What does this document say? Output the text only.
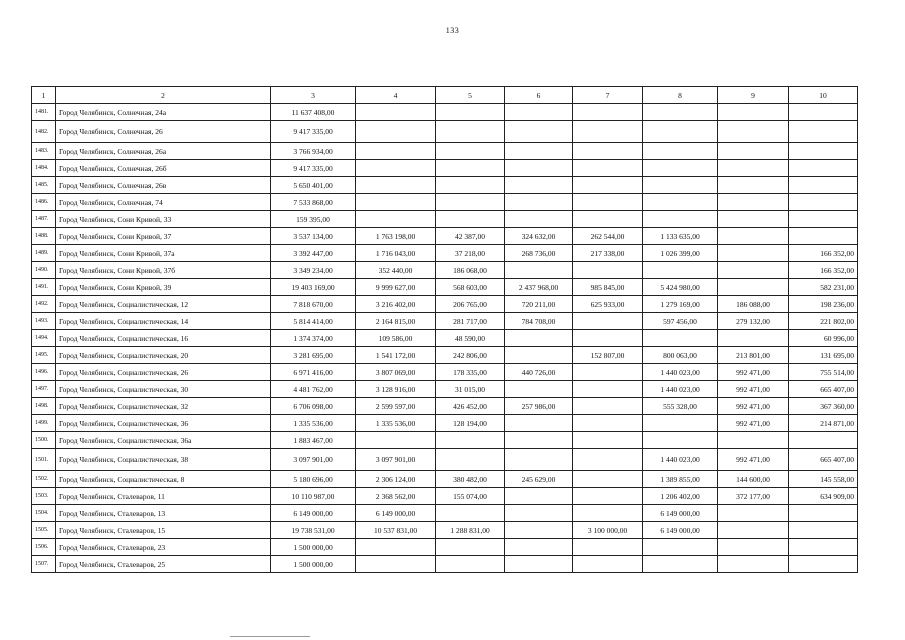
133
1	2	3	4	5	6	7	8	9	10
1481.	Город Челябинск, Солнечная, 24а	11 637 408,00							
1482.	Город Челябинск, Солнечная, 26	9 417 335,00							
1483.	Город Челябинск, Солнечная, 26а	3 766 934,00							
1484.	Город Челябинск, Солнечная, 26б	9 417 335,00							
1485.	Город Челябинск, Солнечная, 26в	5 650 401,00							
1486.	Город Челябинск, Солнечная, 74	7 533 868,00							
1487.	Город Челябинск, Сони Кривой, 33	159 395,00							
1488.	Город Челябинск, Сони Кривой, 37	3 537 134,00	1 763 198,00	42 387,00	324 632,00	262 544,00	1 133 635,00		
1489.	Город Челябинск, Сони Кривой, 37а	3 392 447,00	1 716 043,00	37 218,00	268 736,00	217 338,00	1 026 399,00		166 352,00
1490.	Город Челябинск, Сони Кривой, 37б	3 349 234,00	352 440,00	186 068,00					166 352,00
1491.	Город Челябинск, Сони Кривой, 39	19 403 169,00	9 999 627,00	568 603,00	2 437 968,00	985 845,00	5 424 980,00		582 231,00
1492.	Город Челябинск, Социалистическая, 12	7 818 670,00	3 216 402,00	206 765,00	720 211,00	625 933,00	1 279 169,00	186 088,00	198 236,00
1493.	Город Челябинск, Социалистическая, 14	5 814 414,00	2 164 815,00	281 717,00	784 708,00		597 456,00	279 132,00	221 802,00
1494.	Город Челябинск, Социалистическая, 16	1 374 374,00	109 586,00	48 590,00					60 996,00
1495.	Город Челябинск, Социалистическая, 20	3 281 695,00	1 541 172,00	242 806,00		152 807,00	800 063,00	213 801,00	131 695,00
1496.	Город Челябинск, Социалистическая, 26	6 971 416,00	3 807 069,00	178 335,00	440 726,00		1 440 023,00	992 471,00	755 514,00
1497.	Город Челябинск, Социалистическая, 30	4 481 762,00	3 128 916,00	31 015,00			1 440 023,00	992 471,00	665 407,00
1498.	Город Челябинск, Социалистическая, 32	6 706 098,00	2 599 597,00	426 452,00	257 986,00		555 328,00	992 471,00	367 360,00
1499.	Город Челябинск, Социалистическая, 36	1 335 536,00	1 335 536,00	128 194,00				992 471,00	214 871,00
1500.	Город Челябинск, Социалистическая, 36а	1 883 467,00							
1501.	Город Челябинск, Социалистическая, 38	3 097 901,00	3 097 901,00				1 440 023,00	992 471,00	665 407,00
1502.	Город Челябинск, Социалистическая, 8	5 180 696,00	2 306 124,00	380 482,00	245 629,00		1 389 855,00	144 600,00	145 558,00
1503.	Город Челябинск, Сталеваров, 11	10 110 987,00	2 368 562,00	155 074,00			1 206 402,00	372 177,00	634 909,00
1504.	Город Челябинск, Сталеваров, 13	6 149 000,00	6 149 000,00				6 149 000,00		
1505.	Город Челябинск, Сталеваров, 15	19 738 531,00	10 537 831,00	1 288 831,00		3 100 000,00	6 149 000,00		
1506.	Город Челябинск, Сталеваров, 23	1 500 000,00							
1507.	Город Челябинск, Сталеваров, 25	1 500 000,00							
